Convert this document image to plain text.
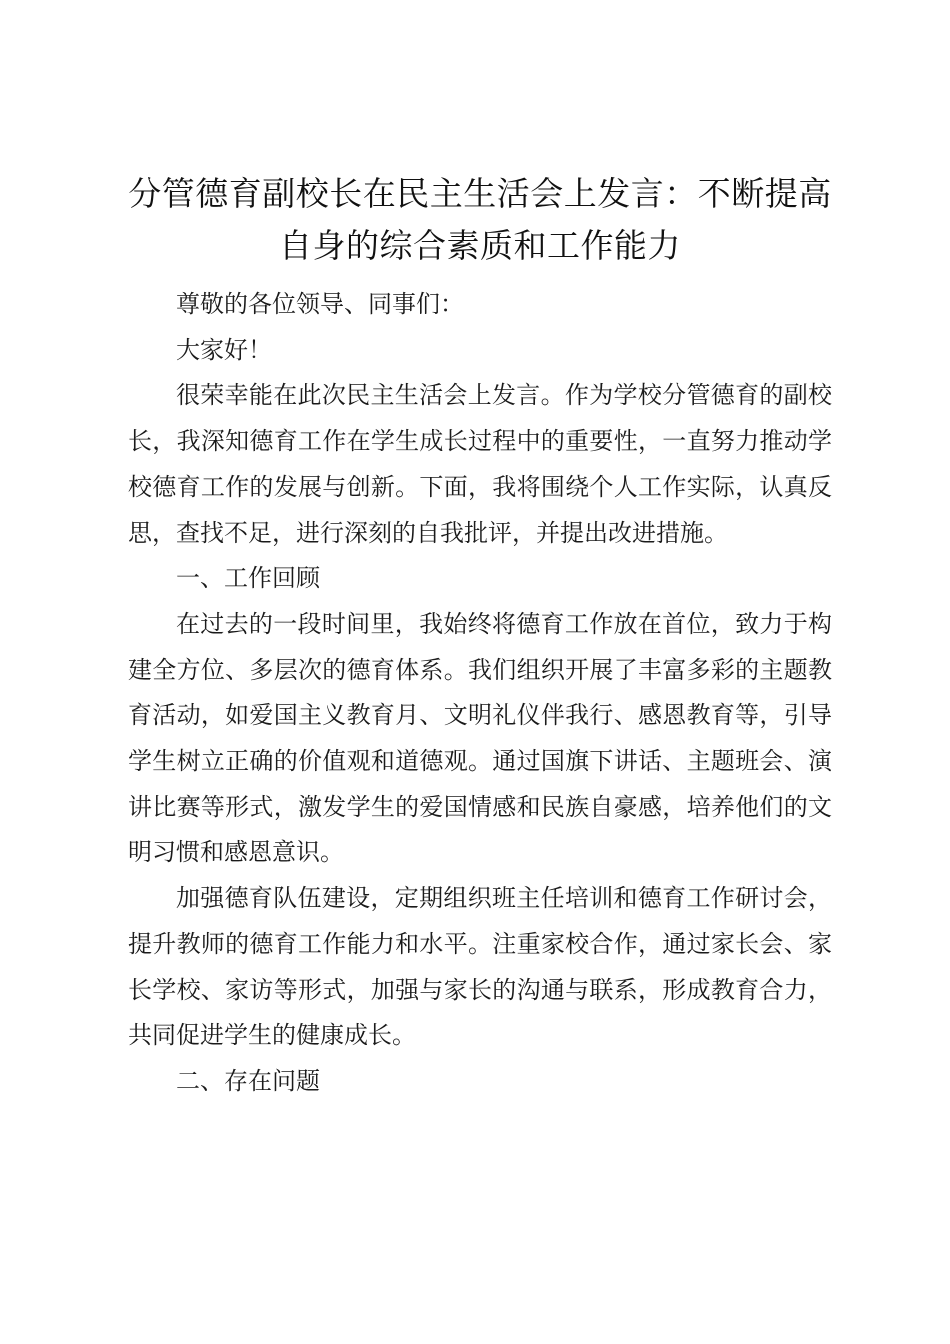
分管德育副校长在民主生活会上发言：不断提高自身的综合素质和工作能力

尊敬的各位领导、同事们：

大家好！

很荣幸能在此次民主生活会上发言。作为学校分管德育的副校长，我深知德育工作在学生成长过程中的重要性，一直努力推动学校德育工作的发展与创新。下面，我将围绕个人工作实际，认真反思，查找不足，进行深刻的自我批评，并提出改进措施。

一、工作回顾

在过去的一段时间里，我始终将德育工作放在首位，致力于构建全方位、多层次的德育体系。我们组织开展了丰富多彩的主题教育活动，如爱国主义教育月、文明礼仪伴我行、感恩教育等，引导学生树立正确的价值观和道德观。通过国旗下讲话、主题班会、演讲比赛等形式，激发学生的爱国情感和民族自豪感，培养他们的文明习惯和感恩意识。

加强德育队伍建设，定期组织班主任培训和德育工作研讨会，提升教师的德育工作能力和水平。注重家校合作，通过家长会、家长学校、家访等形式，加强与家长的沟通与联系，形成教育合力，共同促进学生的健康成长。

二、存在问题
